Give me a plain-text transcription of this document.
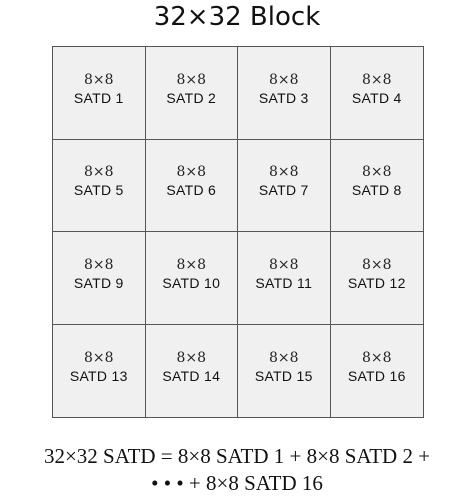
32×32 Block
8×8
SATD 1
8×8
SATD 2
8×8
SATD 3
8×8
SATD 4
8×8
SATD 5
8×8
SATD 6
8×8
SATD 7
8×8
SATD 8
8×8
SATD 9
8×8
SATD 10
8×8
SATD 11
8×8
SATD 12
8×8
SATD 13
8×8
SATD 14
8×8
SATD 15
8×8
SATD 16
32×32 SATD = 8×8 SATD 1 + 8×8 SATD 2 +
• • • + 8×8 SATD 16
